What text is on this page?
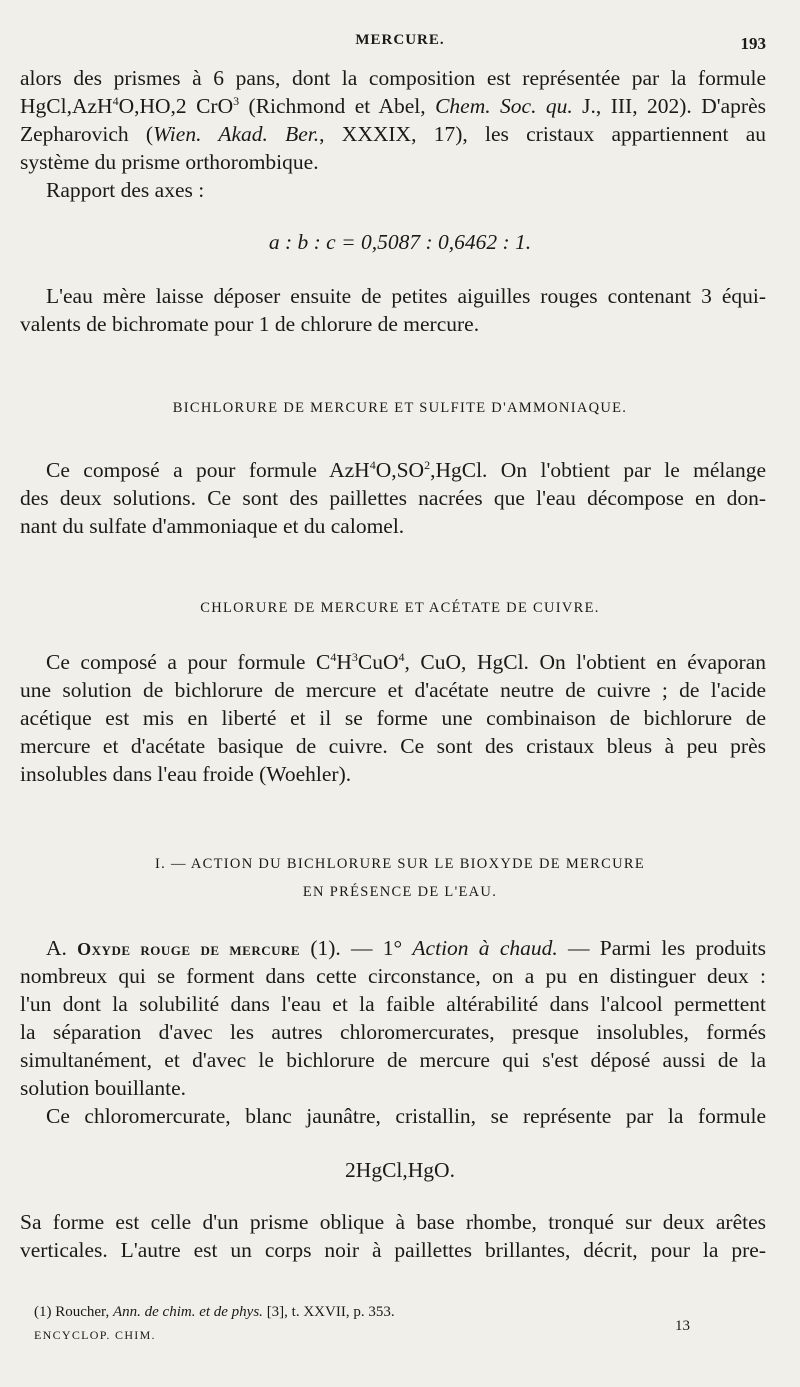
MERCURE.	193
alors des prismes à 6 pans, dont la composition est représentée par la formule
HgCl,AzH$^4$O,HO,2 CrO$^3$ (Richmond et Abel, Chem. Soc. qu. J., III, 202). D'après
Zepharovich (Wien. Akad. Ber., XXXIX, 17), les cristaux appartiennent au
système du prisme orthorombique.
Rapport des axes :
a : b : c = 0,5087 : 0,6462 : 1.
L'eau mère laisse déposer ensuite de petites aiguilles rouges contenant 3 équi-
valents de bichromate pour 1 de chlorure de mercure.
BICHLORURE DE MERCURE ET SULFITE D'AMMONIAQUE.
Ce composé a pour formule $AzH^4O,SO^2,HgCl$. On l'obtient par le mélange
des deux solutions. Ce sont des paillettes nacrées que l'eau décompose en don-
nant du sulfate d'ammoniaque et du calomel.
CHLORURE DE MERCURE ET ACÉTATE DE CUIVRE.
Ce composé a pour formule $C^4H^3CuO^4$, CuO, HgCl. On l'obtient en évaporan
une solution de bichlorure de mercure et d'acétate neutre de cuivre ; de l'acide
acétique est mis en liberté et il se forme une combinaison de bichlorure de
mercure et d'acétate basique de cuivre. Ce sont des cristaux bleus à peu près
insolubles dans l'eau froide (Woehler).
I. — ACTION DU BICHLORURE SUR LE BIOXYDE DE MERCURE
EN PRÉSENCE DE L'EAU.
A. Oxyde rouge de mercure (1). — 1° Action à chaud. — Parmi les produits
nombreux qui se forment dans cette circonstance, on a pu en distinguer deux :
l'un dont la solubilité dans l'eau et la faible altérabilité dans l'alcool permettent
la séparation d'avec les autres chloromercurates, presque insolubles, formés
simultanément, et d'avec le bichlorure de mercure qui s'est déposé aussi de la
solution bouillante.
Ce chloromercurate, blanc jaunâtre, cristallin, se représente par la formule
2HgCl,HgO.
Sa forme est celle d'un prisme oblique à base rhombe, tronqué sur deux arêtes
verticales. L'autre est un corps noir à paillettes brillantes, décrit, pour la pre-
(1) Roucher, Ann. de chim. et de phys. [3], t. XXVII, p. 353.
ENCYCLOP. CHIM.
13
